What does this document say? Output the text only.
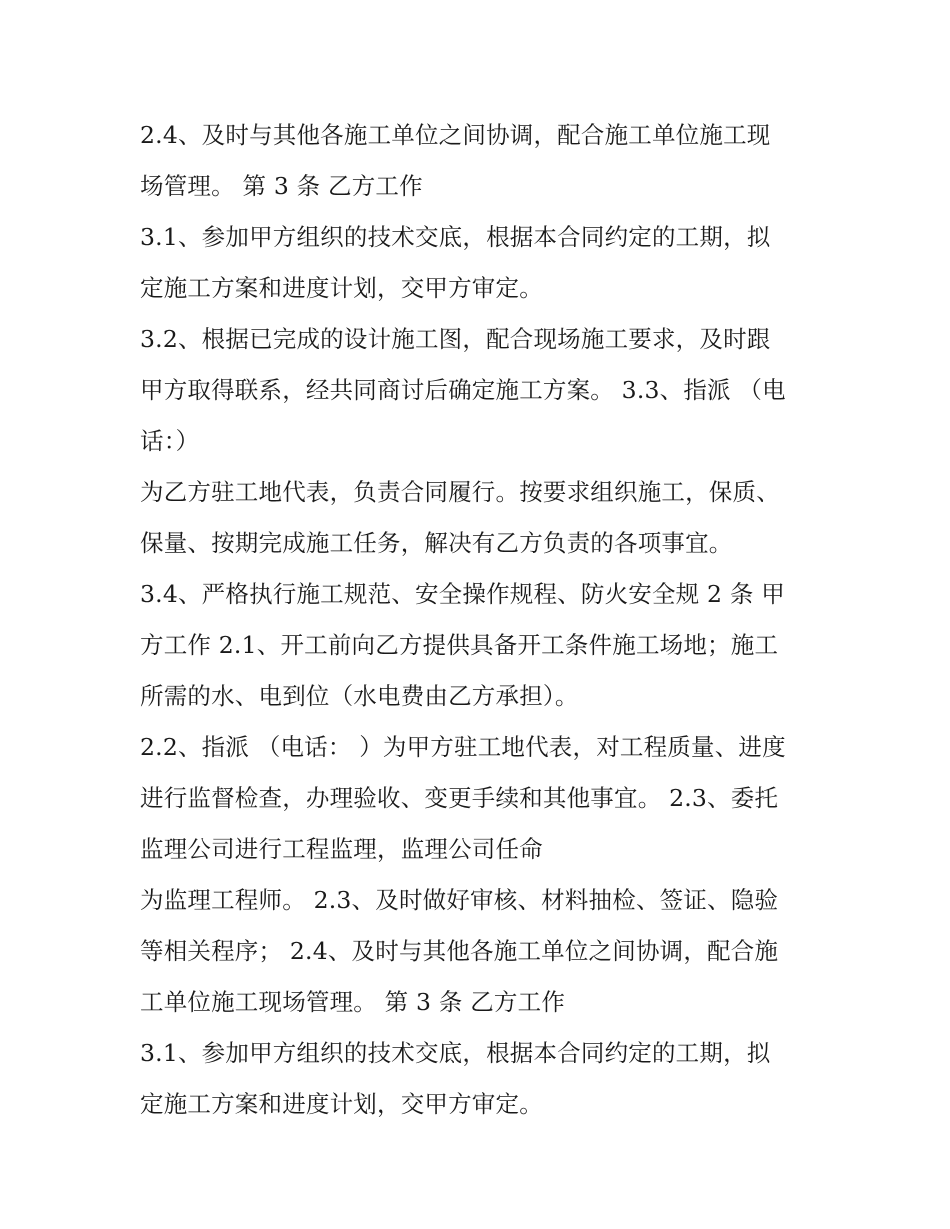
2.4、及时与其他各施工单位之间协调，配合施工单位施工现
场管理。 第 3 条 乙方工作
3.1、参加甲方组织的技术交底，根据本合同约定的工期，拟
定施工方案和进度计划，交甲方审定。
3.2、根据已完成的设计施工图，配合现场施工要求，及时跟
甲方取得联系，经共同商讨后确定施工方案。 3.3、指派 （电
话：）
为乙方驻工地代表，负责合同履行。按要求组织施工，保质、
保量、按期完成施工任务，解决有乙方负责的各项事宜。
3.4、严格执行施工规范、安全操作规程、防火安全规 2 条 甲
方工作 2.1、开工前向乙方提供具备开工条件施工场地；施工
所需的水、电到位（水电费由乙方承担）。
2.2、指派 （电话： ）为甲方驻工地代表，对工程质量、进度
进行监督检查，办理验收、变更手续和其他事宜。 2.3、委托
监理公司进行工程监理，监理公司任命
为监理工程师。 2.3、及时做好审核、材料抽检、签证、隐验
等相关程序； 2.4、及时与其他各施工单位之间协调，配合施
工单位施工现场管理。 第 3 条 乙方工作
3.1、参加甲方组织的技术交底，根据本合同约定的工期，拟
定施工方案和进度计划，交甲方审定。
